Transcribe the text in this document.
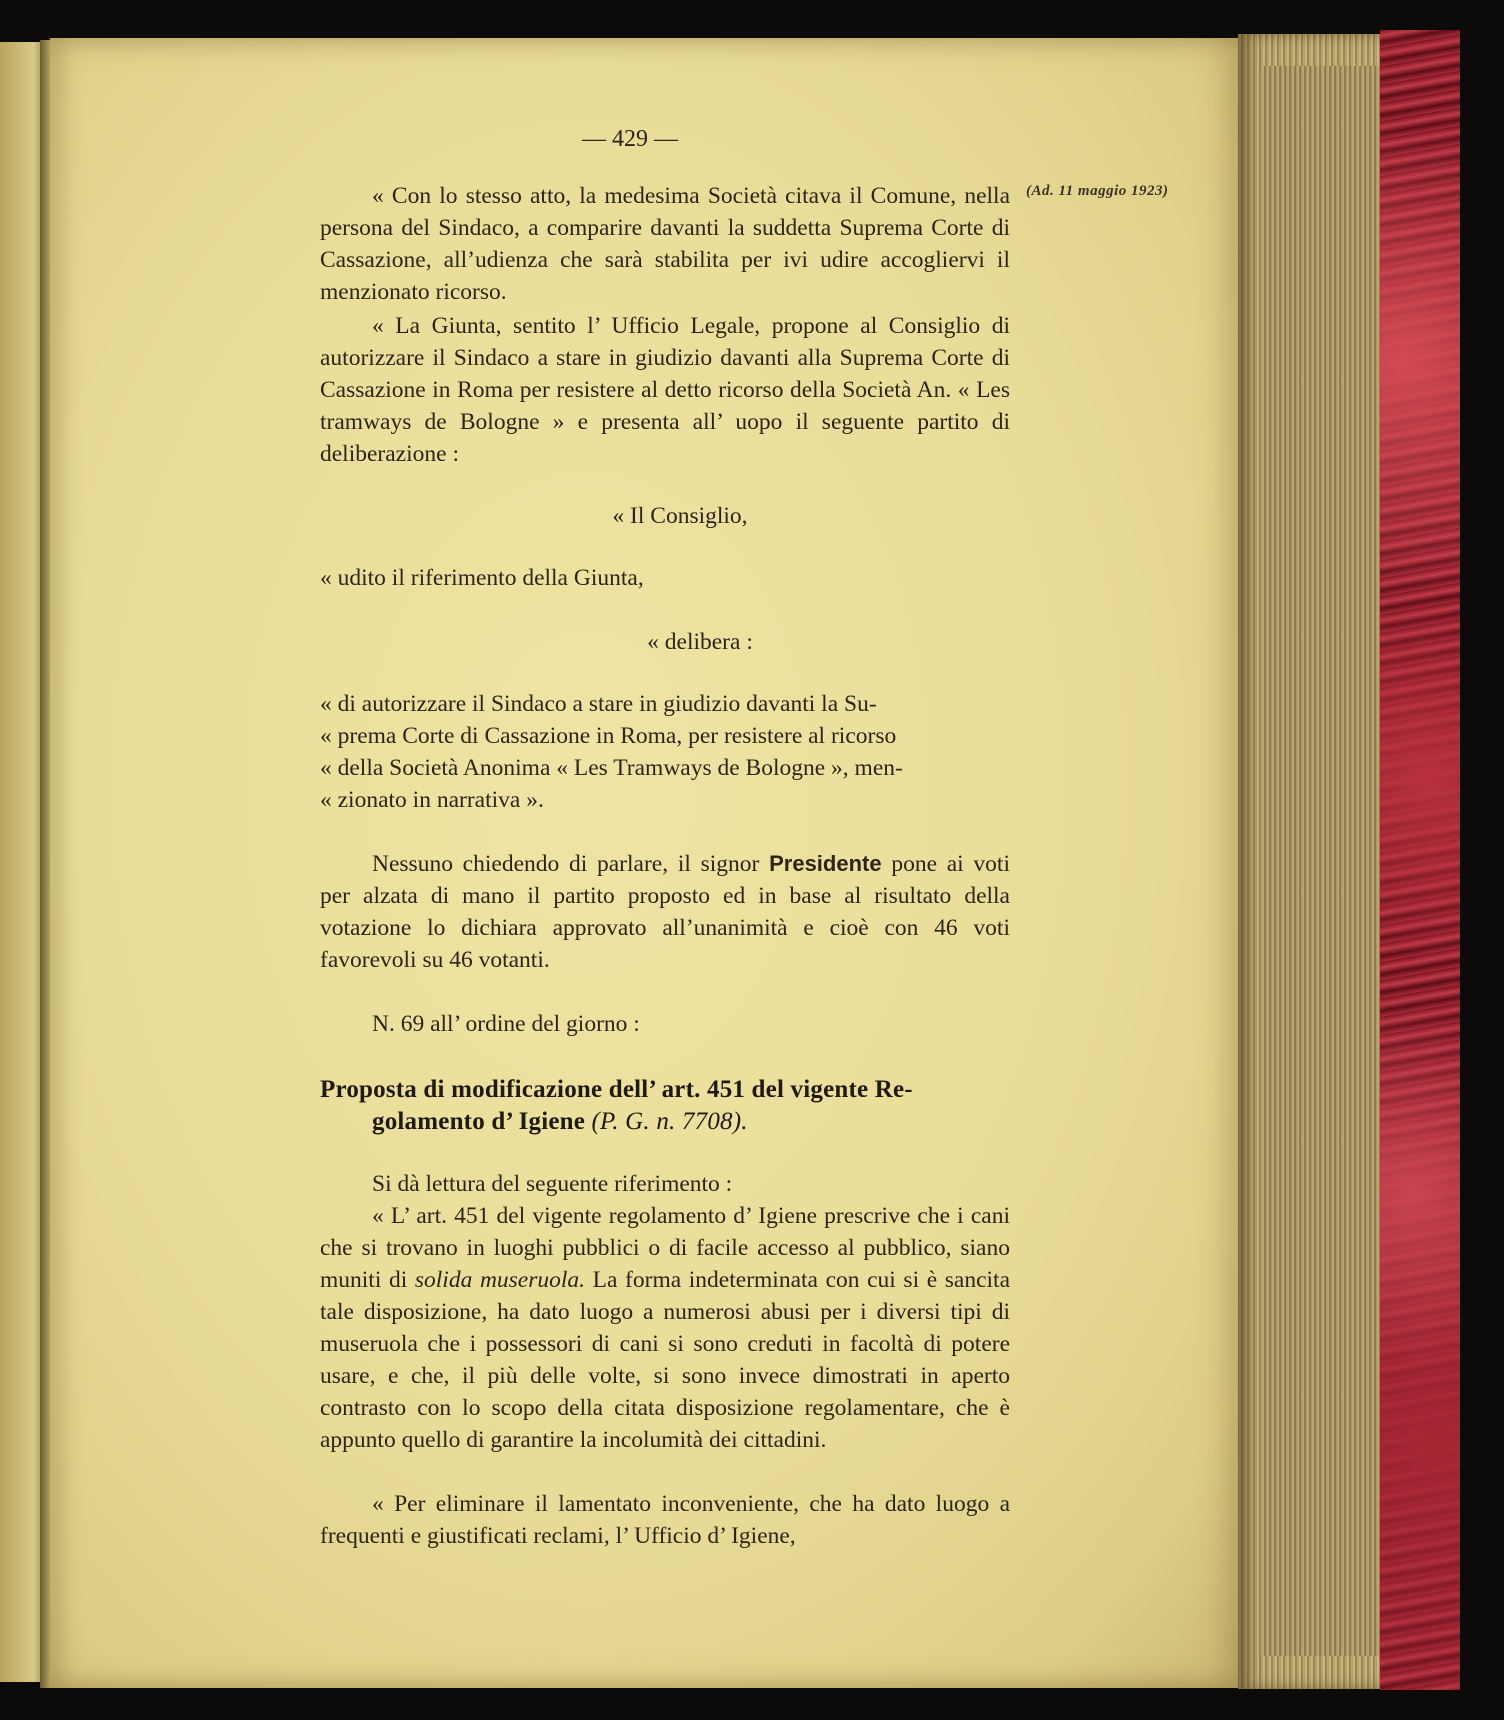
— 429 —
(Ad. 11 maggio 1923)
« Con lo stesso atto, la medesima Società citava il Comune, nella persona del Sindaco, a comparire davanti la suddetta Suprema Corte di Cassazione, all’udienza che sarà stabilita per ivi udire accogliervi il menzionato ricorso.
« La Giunta, sentito l’ Ufficio Legale, propone al Consiglio di autorizzare il Sindaco a stare in giudizio davanti alla Suprema Corte di Cassazione in Roma per resistere al detto ricorso della Società An. « Les tramways de Bologne » e presenta all’ uopo il seguente partito di deliberazione :
« Il Consiglio,
« udito il riferimento della Giunta,
« delibera :
« di autorizzare il Sindaco a stare in giudizio davanti la Su-
« prema Corte di Cassazione in Roma, per resistere al ricorso
« della Società Anonima « Les Tramways de Bologne », men-
« zionato in narrativa ».
Nessuno chiedendo di parlare, il signor Presidente pone ai voti per alzata di mano il partito proposto ed in base al risultato della votazione lo dichiara approvato all’unanimità e cioè con 46 voti favorevoli su 46 votanti.
N. 69 all’ ordine del giorno :
Proposta di modificazione dell’ art. 451 del vigente Re-
golamento d’ Igiene (P. G. n. 7708).
Si dà lettura del seguente riferimento :
« L’ art. 451 del vigente regolamento d’ Igiene prescrive che i cani che si trovano in luoghi pubblici o di facile accesso al pubblico, siano muniti di solida museruola. La forma indeterminata con cui si è sancita tale disposizione, ha dato luogo a numerosi abusi per i diversi tipi di museruola che i possessori di cani si sono creduti in facoltà di potere usare, e che, il più delle volte, si sono invece dimostrati in aperto contrasto con lo scopo della citata disposizione regolamentare, che è appunto quello di garantire la incolumità dei cittadini.
« Per eliminare il lamentato inconveniente, che ha dato luogo a frequenti e giustificati reclami, l’ Ufficio d’ Igiene,
